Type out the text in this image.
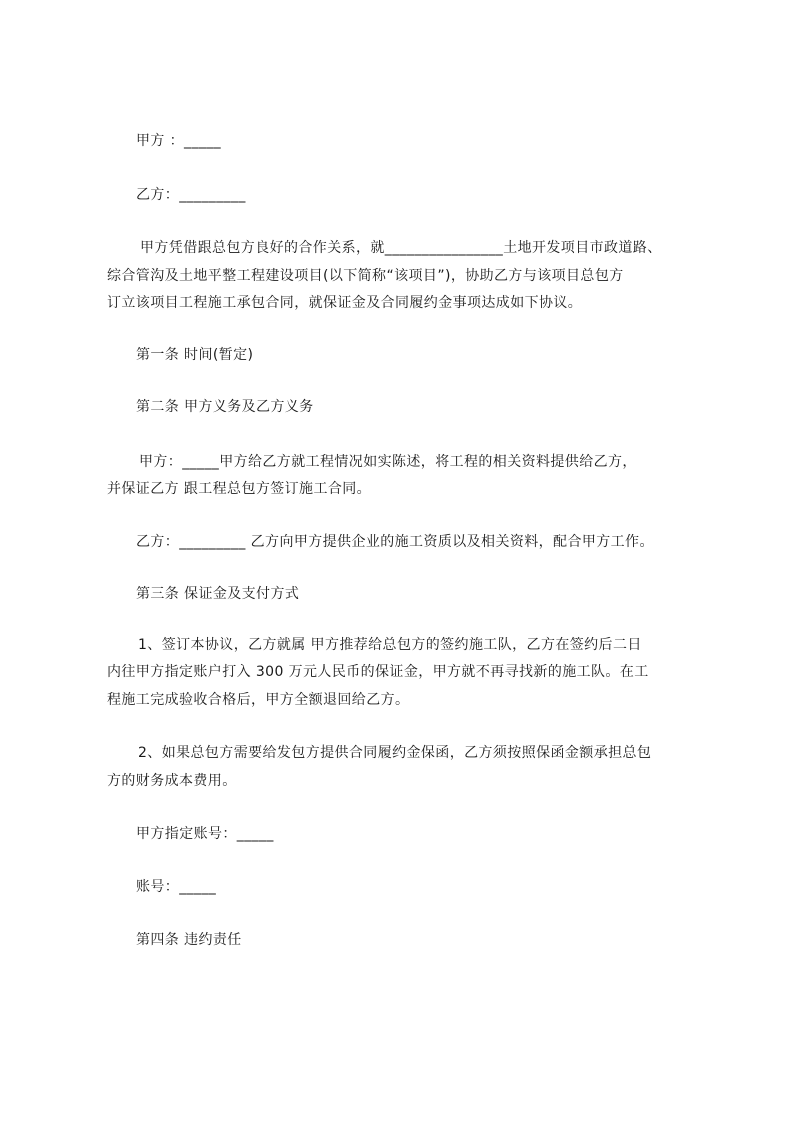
甲方 ：_____
乙方：_________
甲方凭借跟总包方良好的合作关系，就________________土地开发项目市政道路、
综合管沟及土地平整工程建设项目(以下简称“该项目”)，协助乙方与该项目总包方
订立该项目工程施工承包合同，就保证金及合同履约金事项达成如下协议。
第一条 时间(暂定)
第二条 甲方义务及乙方义务
甲方：_____甲方给乙方就工程情况如实陈述，将工程的相关资料提供给乙方，
并保证乙方 跟工程总包方签订施工合同。
乙方：_________ 乙方向甲方提供企业的施工资质以及相关资料，配合甲方工作。
第三条 保证金及支付方式
1、签订本协议，乙方就属 甲方推荐给总包方的签约施工队，乙方在签约后二日
内往甲方指定账户打入 300 万元人民币的保证金，甲方就不再寻找新的施工队。在工
程施工完成验收合格后，甲方全额退回给乙方。
2、如果总包方需要给发包方提供合同履约金保函，乙方须按照保函金额承担总包
方的财务成本费用。
甲方指定账号：_____
账号：_____
第四条 违约责任
